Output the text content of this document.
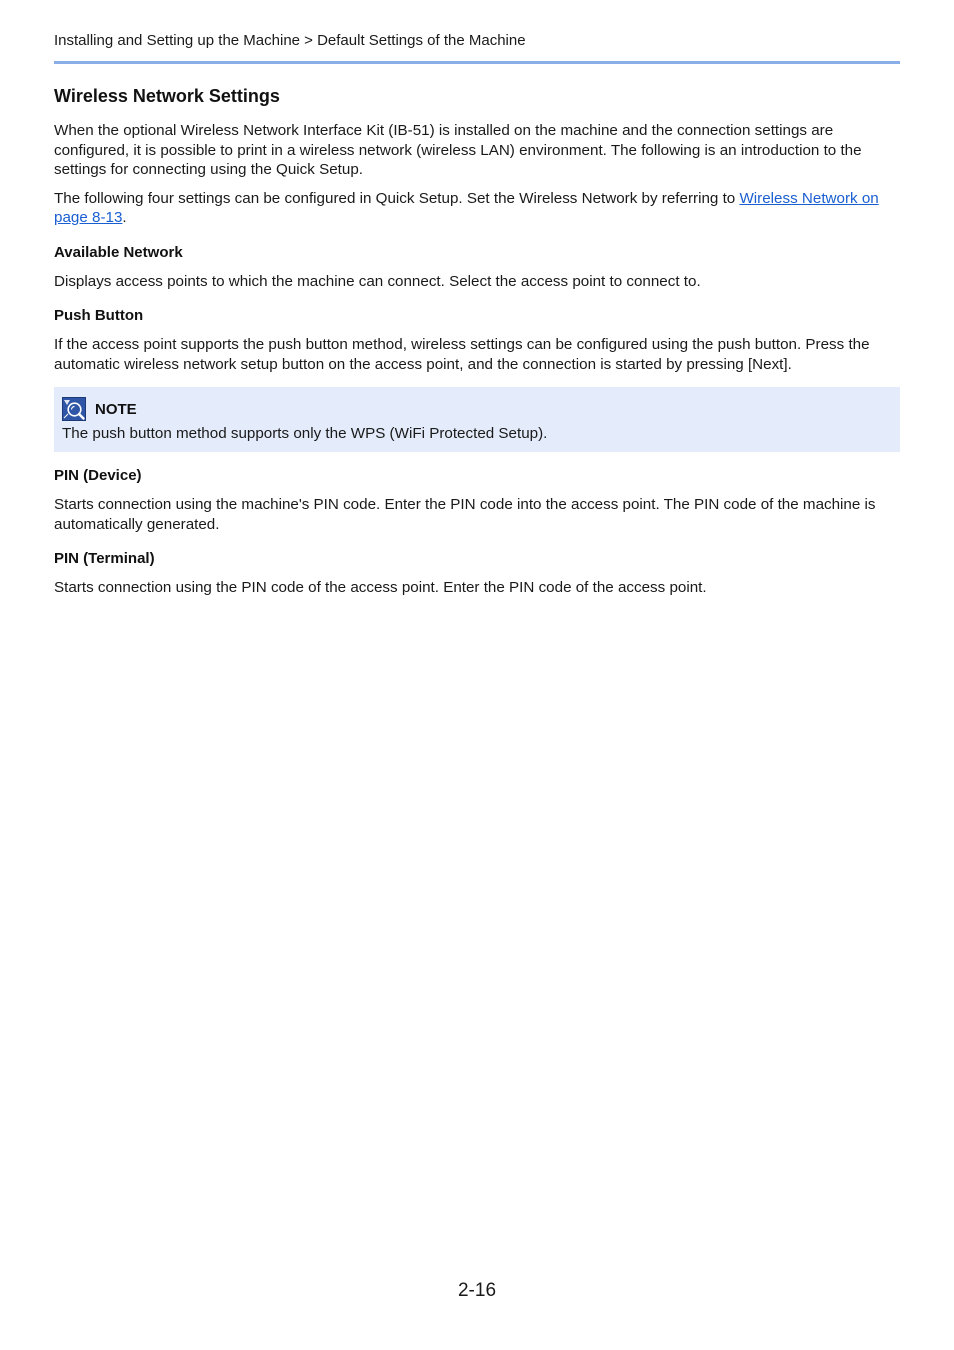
Installing and Setting up the Machine > Default Settings of the Machine
Wireless Network Settings

When the optional Wireless Network Interface Kit (IB-51) is installed on the machine and the connection settings are configured, it is possible to print in a wireless network (wireless LAN) environment. The following is an introduction to the settings for connecting using the Quick Setup.

The following four settings can be configured in Quick Setup. Set the Wireless Network by referring to Wireless Network on page 8-13.

Available Network

Displays access points to which the machine can connect. Select the access point to connect to.

Push Button

If the access point supports the push button method, wireless settings can be configured using the push button. Press the automatic wireless network setup button on the access point, and the connection is started by pressing [Next].

NOTE
The push button method supports only the WPS (WiFi Protected Setup).
PIN (Device)

Starts connection using the machine's PIN code. Enter the PIN code into the access point. The PIN code of the machine is automatically generated.

PIN (Terminal)

Starts connection using the PIN code of the access point. Enter the PIN code of the access point.

2-16
